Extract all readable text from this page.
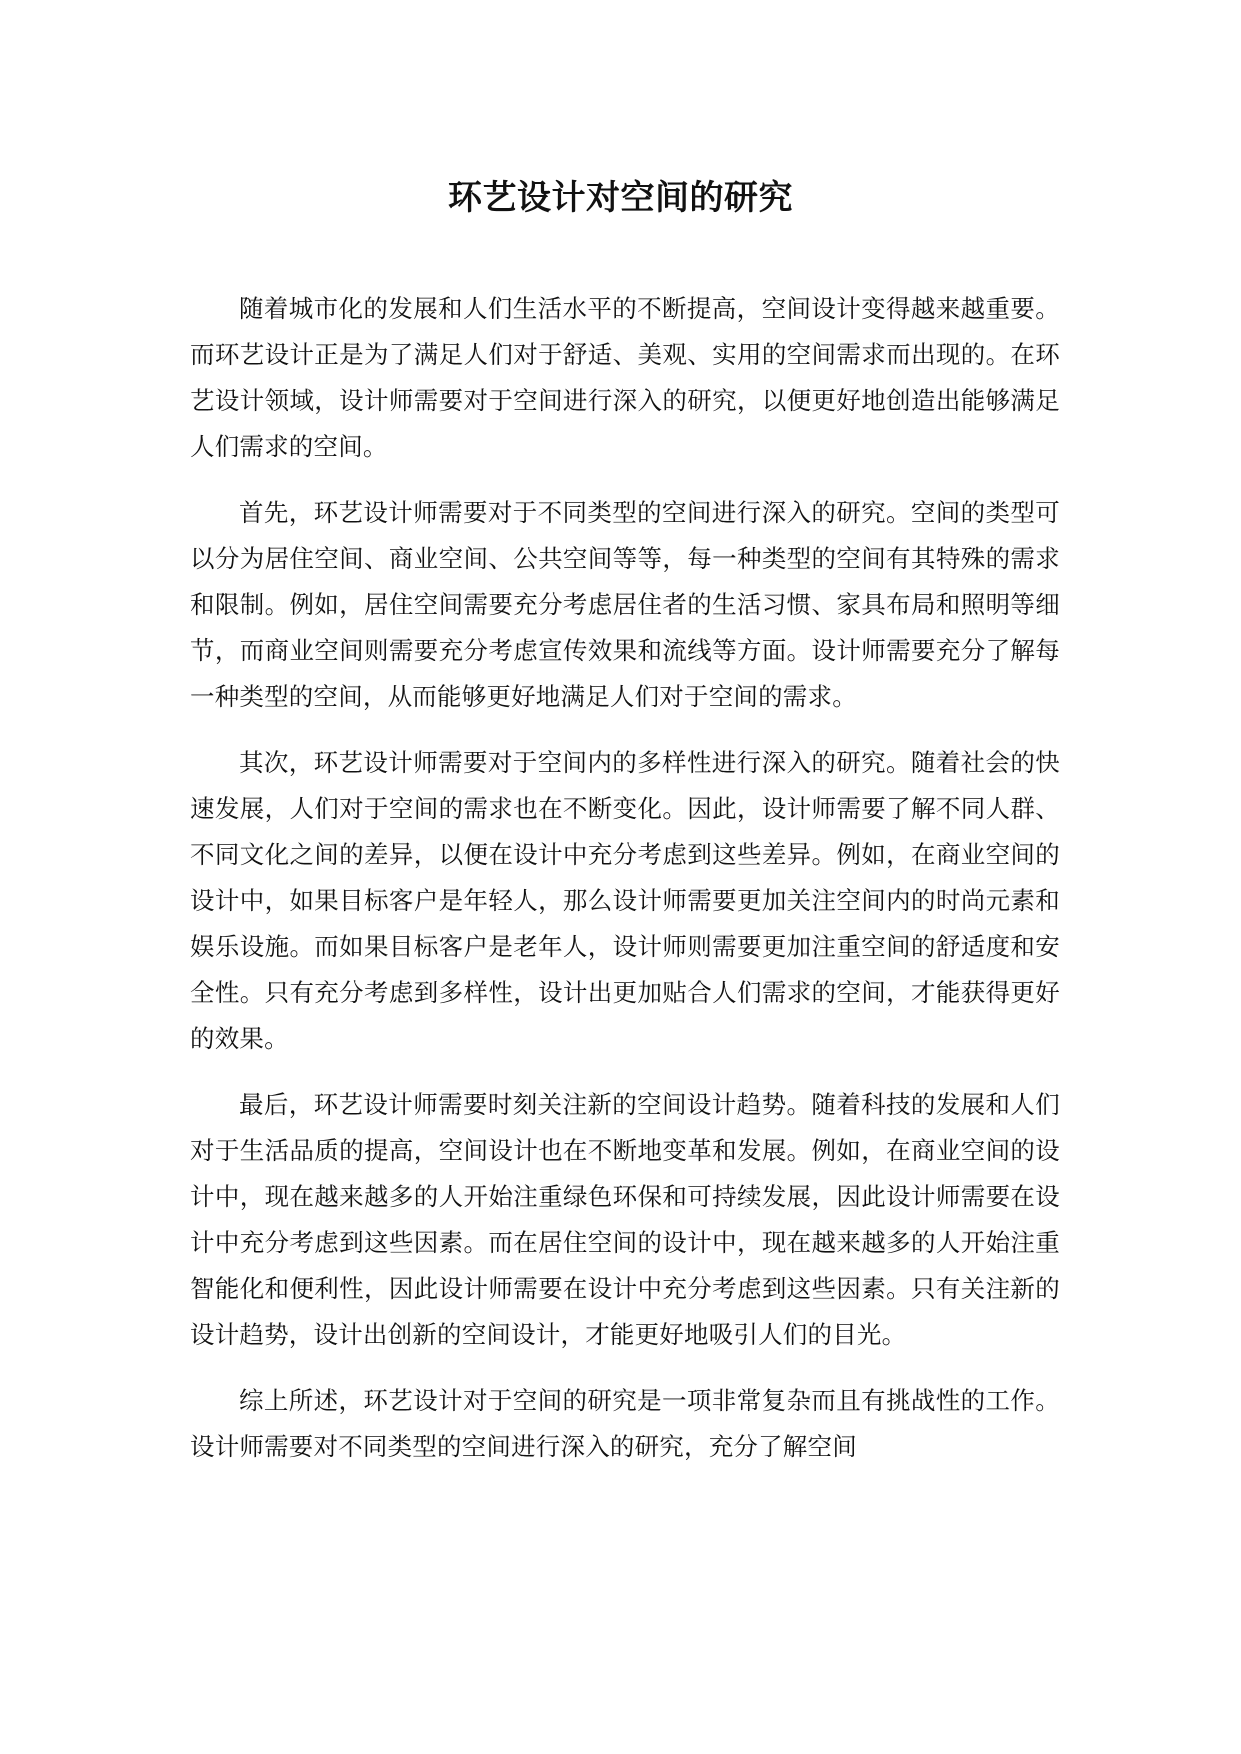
环艺设计对空间的研究

随着城市化的发展和人们生活水平的不断提高，空间设计变得越来越重要。而环艺设计正是为了满足人们对于舒适、美观、实用的空间需求而出现的。在环艺设计领域，设计师需要对于空间进行深入的研究，以便更好地创造出能够满足人们需求的空间。

首先，环艺设计师需要对于不同类型的空间进行深入的研究。空间的类型可以分为居住空间、商业空间、公共空间等等，每一种类型的空间有其特殊的需求和限制。例如，居住空间需要充分考虑居住者的生活习惯、家具布局和照明等细节，而商业空间则需要充分考虑宣传效果和流线等方面。设计师需要充分了解每一种类型的空间，从而能够更好地满足人们对于空间的需求。

其次，环艺设计师需要对于空间内的多样性进行深入的研究。随着社会的快速发展，人们对于空间的需求也在不断变化。因此，设计师需要了解不同人群、不同文化之间的差异，以便在设计中充分考虑到这些差异。例如，在商业空间的设计中，如果目标客户是年轻人，那么设计师需要更加关注空间内的时尚元素和娱乐设施。而如果目标客户是老年人，设计师则需要更加注重空间的舒适度和安全性。只有充分考虑到多样性，设计出更加贴合人们需求的空间，才能获得更好的效果。

最后，环艺设计师需要时刻关注新的空间设计趋势。随着科技的发展和人们对于生活品质的提高，空间设计也在不断地变革和发展。例如，在商业空间的设计中，现在越来越多的人开始注重绿色环保和可持续发展，因此设计师需要在设计中充分考虑到这些因素。而在居住空间的设计中，现在越来越多的人开始注重智能化和便利性，因此设计师需要在设计中充分考虑到这些因素。只有关注新的设计趋势，设计出创新的空间设计，才能更好地吸引人们的目光。

综上所述，环艺设计对于空间的研究是一项非常复杂而且有挑战性的工作。设计师需要对不同类型的空间进行深入的研究，充分了解空间
